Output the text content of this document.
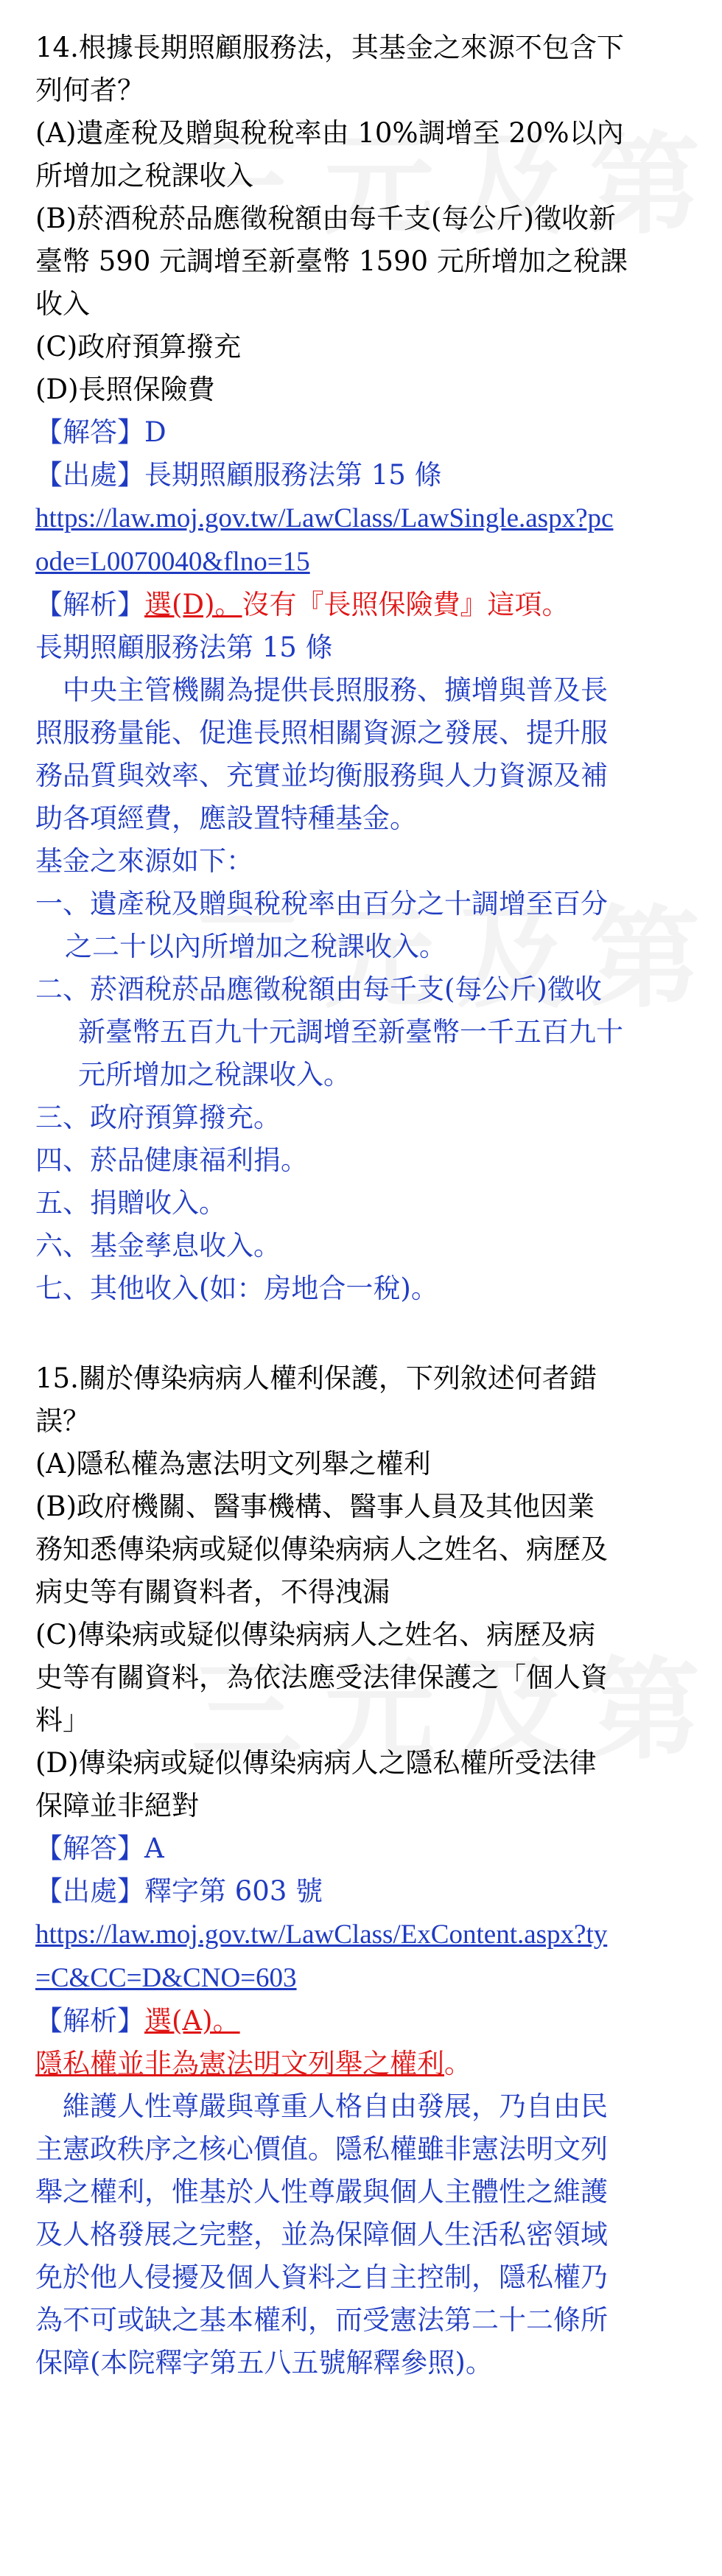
14.根據長期照顧服務法，其基金之來源不包含下

列何者？

(A)遺產稅及贈與稅稅率由 10%調增至 20%以內

所增加之稅課收入

(B)菸酒稅菸品應徵稅額由每千支(每公斤)徵收新

臺幣 590 元調增至新臺幣 1590 元所增加之稅課

收入

(C)政府預算撥充

(D)長照保險費

【解答】D

【出處】長期照顧服務法第 15 條

https://law.moj.gov.tw/LawClass/LawSingle.aspx?pc

ode=L0070040&flno=15

【解析】選(D)。沒有『長照保險費』這項。

長期照顧服務法第 15 條

　中央主管機關為提供長照服務、擴增與普及長

照服務量能、促進長照相關資源之發展、提升服

務品質與效率、充實並均衡服務與人力資源及補

助各項經費，應設置特種基金。

基金之來源如下：

一、遺產稅及贈與稅稅率由百分之十調增至百分

之二十以內所增加之稅課收入。

二、菸酒稅菸品應徵稅額由每千支(每公斤)徵收

新臺幣五百九十元調增至新臺幣一千五百九十

元所增加之稅課收入。

三、政府預算撥充。

四、菸品健康福利捐。

五、捐贈收入。

六、基金孳息收入。

七、其他收入(如：房地合一稅)。

15.關於傳染病病人權利保護，下列敘述何者錯

誤？

(A)隱私權為憲法明文列舉之權利

(B)政府機關、醫事機構、醫事人員及其他因業

務知悉傳染病或疑似傳染病病人之姓名、病歷及

病史等有關資料者，不得洩漏

(C)傳染病或疑似傳染病病人之姓名、病歷及病

史等有關資料，為依法應受法律保護之「個人資

料」

(D)傳染病或疑似傳染病病人之隱私權所受法律

保障並非絕對

【解答】A

【出處】釋字第 603 號

https://law.moj.gov.tw/LawClass/ExContent.aspx?ty

=C&CC=D&CNO=603

【解析】選(A)。

隱私權並非為憲法明文列舉之權利。

　維護人性尊嚴與尊重人格自由發展，乃自由民

主憲政秩序之核心價值。隱私權雖非憲法明文列

舉之權利，惟基於人性尊嚴與個人主體性之維護

及人格發展之完整，並為保障個人生活私密領域

免於他人侵擾及個人資料之自主控制，隱私權乃

為不可或缺之基本權利，而受憲法第二十二條所

保障(本院釋字第五八五號解釋參照)。
